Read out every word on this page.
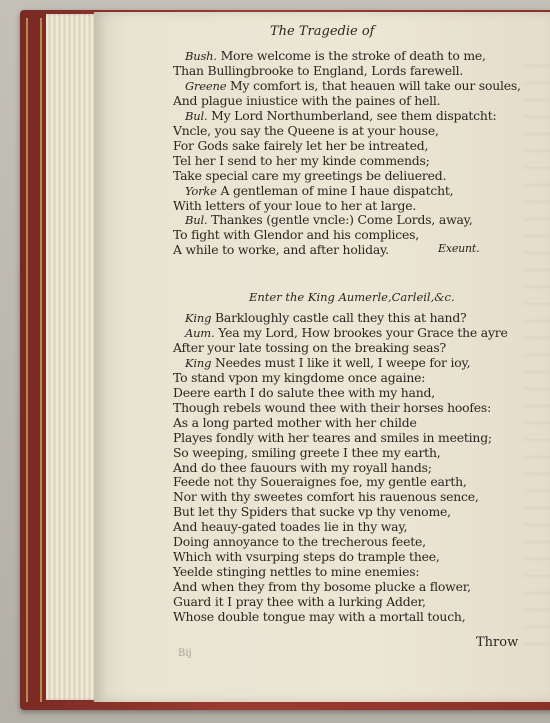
The Tragedie of
Bush. More welcome is the stroke of death to me,
Than Bullingbrooke to England, Lords farewell.
Greene My comfort is, that heauen will take our soules,
And plague iniustice with the paines of hell.
Bul. My Lord Northumberland, see them dispatcht:
Vncle, you say the Queene is at your house,
For Gods sake fairely let her be intreated,
Tel her I send to her my kinde commends;
Take special care my greetings be deliuered.
Yorke A gentleman of mine I haue dispatcht,
With letters of your loue to her at large.
Bul. Thankes (gentle vncle:) Come Lords, away,
To fight with Glendor and his complices,
A while to worke, and after holiday.	Exeunt.
King Barkloughly castle call they this at hand?
Aum. Yea my Lord, How brookes your Grace the ayre
After your late tossing on the breaking seas?
King Needes must I like it well, I weepe for ioy,
To stand vpon my kingdome once againe:
Deere earth I do salute thee with my hand,
Though rebels wound thee with their horses hoofes:
As a long parted mother with her childe
Playes fondly with her teares and smiles in meeting;
So weeping, smiling greete I thee my earth,
And do thee fauours with my royall hands;
Feede not thy Soueraignes foe, my gentle earth,
Nor with thy sweetes comfort his rauenous sence,
But let thy Spiders that sucke vp thy venome,
And heauy-gated toades lie in thy way,
Doing annoyance to the trecherous feete,
Which with vsurping steps do trample thee,
Yeelde stinging nettles to mine enemies:
And when they from thy bosome plucke a flower,
Guard it I pray thee with a lurking Adder,
Whose double tongue may with a mortall touch,
Enter the King Aumerle,Carleil,&c.
Throw
Bij
